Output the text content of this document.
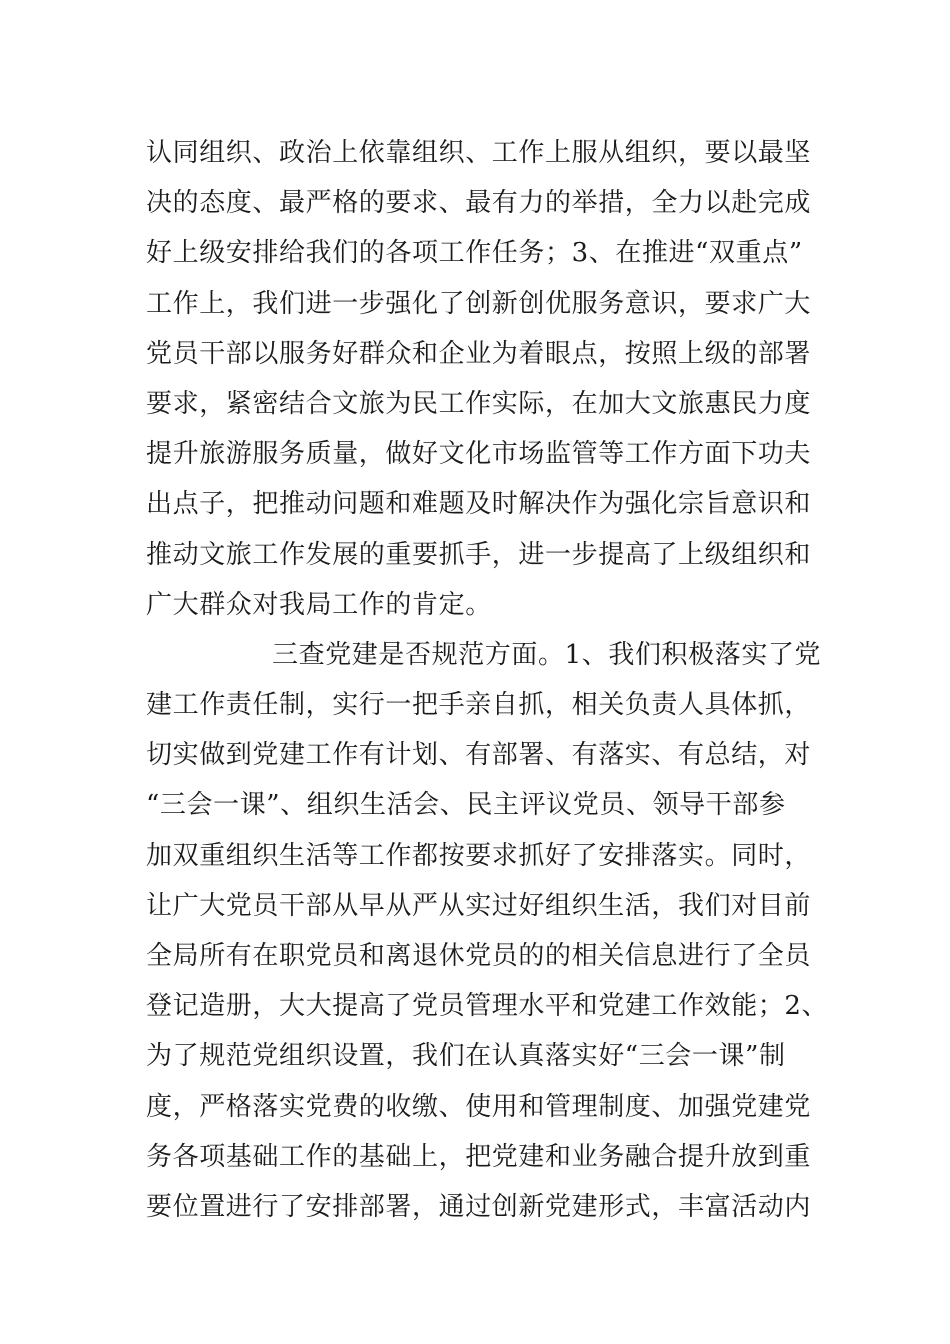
认同组织、政治上依靠组织、工作上服从组织，要以最坚
决的态度、最严格的要求、最有力的举措，全力以赴完成
好上级安排给我们的各项工作任务；3、在推进“双重点”
工作上，我们进一步强化了创新创优服务意识，要求广大
党员干部以服务好群众和企业为着眼点，按照上级的部署
要求，紧密结合文旅为民工作实际，在加大文旅惠民力度
提升旅游服务质量，做好文化市场监管等工作方面下功夫
出点子，把推动问题和难题及时解决作为强化宗旨意识和
推动文旅工作发展的重要抓手，进一步提高了上级组织和
广大群众对我局工作的肯定。
三查党建是否规范方面。1、我们积极落实了党
建工作责任制，实行一把手亲自抓，相关负责人具体抓，
切实做到党建工作有计划、有部署、有落实、有总结，对
“三会一课”、组织生活会、民主评议党员、领导干部参
加双重组织生活等工作都按要求抓好了安排落实。同时，
让广大党员干部从早从严从实过好组织生活，我们对目前
全局所有在职党员和离退休党员的的相关信息进行了全员
登记造册，大大提高了党员管理水平和党建工作效能；2、
为了规范党组织设置，我们在认真落实好“三会一课”制
度，严格落实党费的收缴、使用和管理制度、加强党建党
务各项基础工作的基础上，把党建和业务融合提升放到重
要位置进行了安排部署，通过创新党建形式，丰富活动内
